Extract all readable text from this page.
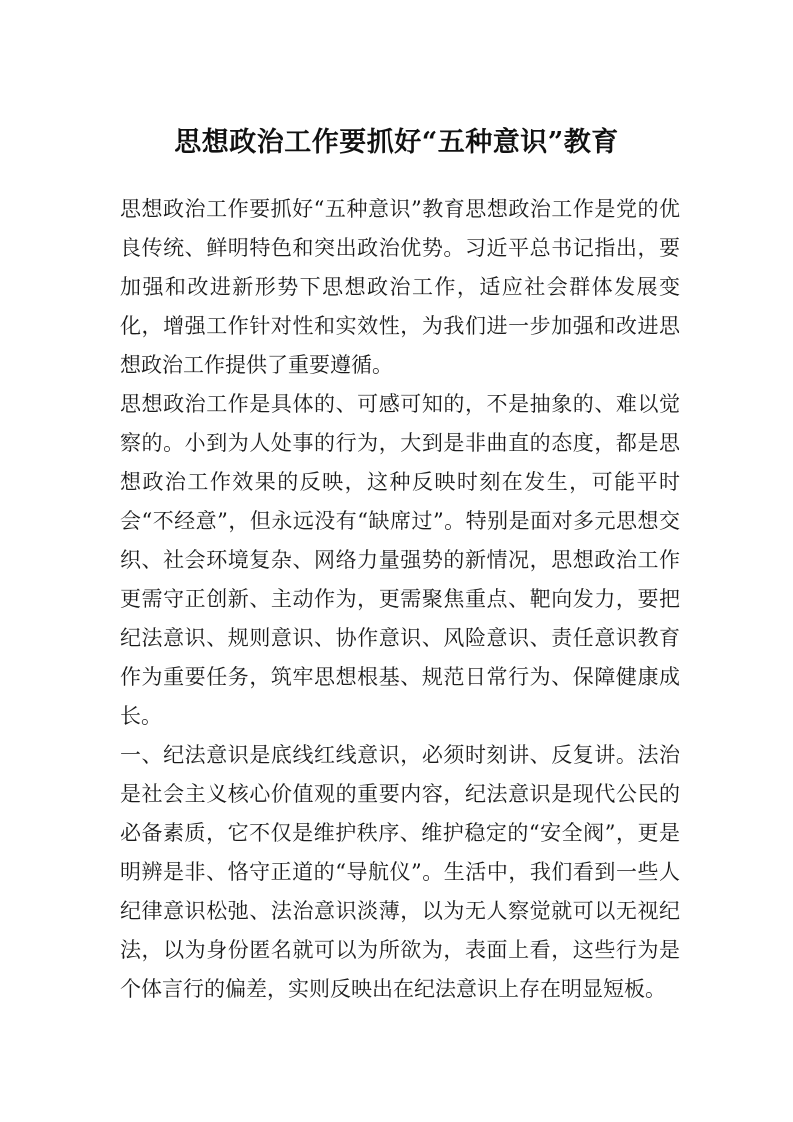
思想政治工作要抓好“五种意识”教育

思想政治工作要抓好“五种意识”教育思想政治工作是党的优良传统、鲜明特色和突出政治优势。习近平总书记指出，要加强和改进新形势下思想政治工作，适应社会群体发展变化，增强工作针对性和实效性，为我们进一步加强和改进思想政治工作提供了重要遵循。

思想政治工作是具体的、可感可知的，不是抽象的、难以觉察的。小到为人处事的行为，大到是非曲直的态度，都是思想政治工作效果的反映，这种反映时刻在发生，可能平时会“不经意”，但永远没有“缺席过”。特别是面对多元思想交织、社会环境复杂、网络力量强势的新情况，思想政治工作更需守正创新、主动作为，更需聚焦重点、靶向发力，要把纪法意识、规则意识、协作意识、风险意识、责任意识教育作为重要任务，筑牢思想根基、规范日常行为、保障健康成长。

一、纪法意识是底线红线意识，必须时刻讲、反复讲。法治是社会主义核心价值观的重要内容，纪法意识是现代公民的必备素质，它不仅是维护秩序、维护稳定的“安全阀”，更是明辨是非、恪守正道的“导航仪”。生活中，我们看到一些人纪律意识松弛、法治意识淡薄，以为无人察觉就可以无视纪法，以为身份匿名就可以为所欲为，表面上看，这些行为是个体言行的偏差，实则反映出在纪法意识上存在明显短板。
